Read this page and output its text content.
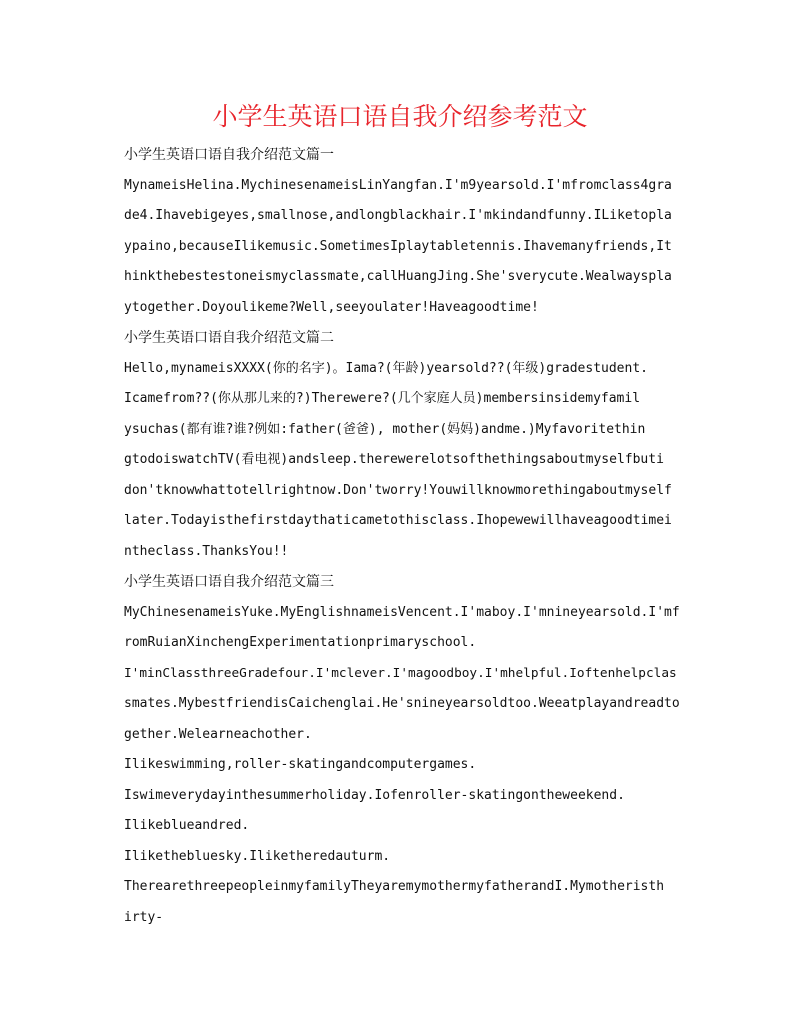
小学生英语口语自我介绍参考范文
小学生英语口语自我介绍范文篇一
MynameisHelina.MychinesenameisLinYangfan.I'm9yearsold.I'mfromclass4gra
de4.Ihavebigeyes,smallnose,andlongblackhair.I'mkindandfunny.ILiketopla
ypaino,becauseIlikemusic.SometimesIplaytabletennis.Ihavemanyfriends,It
hinkthebestestoneismyclassmate,callHuangJing.She'sverycute.Wealwayspla
ytogether.Doyoulikeme?Well,seeyoulater!Haveagoodtime!
小学生英语口语自我介绍范文篇二
Hello,mynameisXXXX(你的名字)。Iama?(年龄)yearsold??(年级)gradestudent.
Icamefrom??(你从那儿来的?)Therewere?(几个家庭人员)membersinsidemyfamil
ysuchas(都有谁?谁?例如:father(爸爸), mother(妈妈)andme.)Myfavoritethin
gtodoiswatchTV(看电视)andsleep.therewerelotsofthethingsaboutmyselfbuti
don'tknowwhattotellrightnow.Don'tworry!Youwillknowmorethingaboutmyself
later.Todayisthefirstdaythaticametothisclass.Ihopewewillhaveagoodtimei
ntheclass.ThanksYou!!
小学生英语口语自我介绍范文篇三
MyChinesenameisYuke.MyEnglishnameisVencent.I'maboy.I'mnineyearsold.I'mf
romRuianXinchengExperimentationprimaryschool.
I'minClassthreeGradefour.I'mclever.I'magoodboy.I'mhelpful.Ioftenhelpclas
smates.MybestfriendisCaichenglai.He'snineyearsoldtoo.Weeatplayandreadto
gether.Welearneachother.
Ilikeswimming,roller-skatingandcomputergames.
Iswimeverydayinthesummerholiday.Iofenroller-skatingontheweekend.
Ilikeblueandred.
Ilikethebluesky.Iliketheredauturm.
TherearethreepeopleinmyfamilyTheyaremymothermyfatherandI.Mymotheristh
irty-
